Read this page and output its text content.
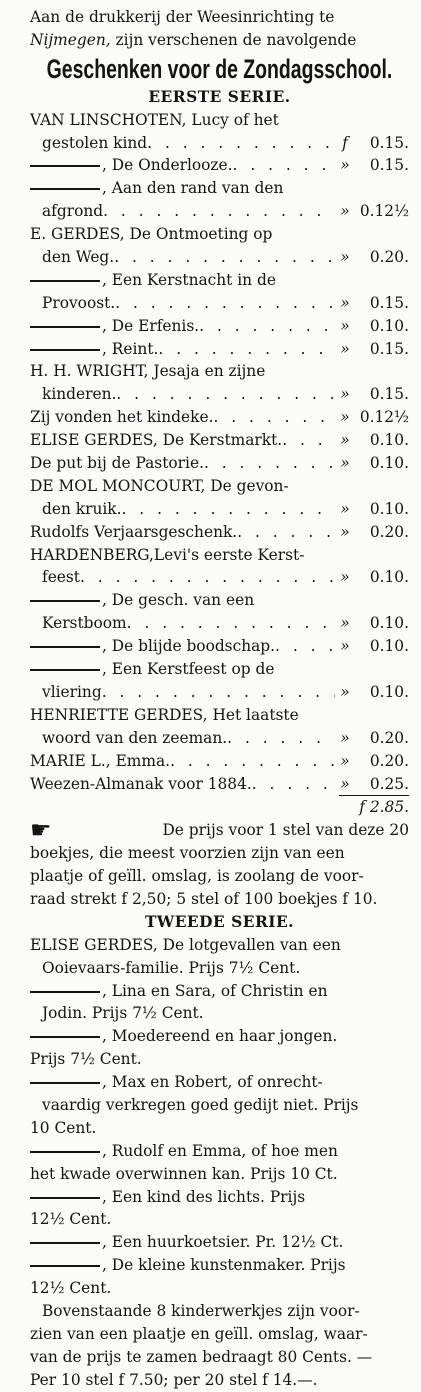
Aan de drukkerij der Weesinrichting te
Nijmegen, zijn verschenen de navolgende
Geschenken voor de Zondagsschool.
EERSTE SERIE.
VAN LINSCHOTEN, Lucy of het
gestolen kind . . .	f	0.15.
, De Onderlooze. . . .	»	0.15.
, Aan den rand van den
afgrond . . .	» 0.12½
E. GERDES, De Ontmoeting op
den Weg. . . .	»	0.20.
, Een Kerstnacht in de
Provoost. . . .	»	0.15.
, De Erfenis. . . .	»	0.10.
, Reint. . . .	»	0.15.
H. H. WRIGHT, Jesaja en zijne
kinderen. . . .	»	0.15.
Zij vonden het kindeke. . . .	» 0.12½
ELISE GERDES, De Kerstmarkt. . . .	»	0.10.
De put bij de Pastorie. . . .	»	0.10.
DE MOL MONCOURT, De gevon-
den kruik. . . .	»	0.10.
Rudolfs Verjaarsgeschenk. . . .	»	0.20.
HARDENBERG,Levi's eerste Kerst-
feest . . .	»	0.10.
, De gesch. van een
Kerstboom . . .	»	0.10.
, De blijde boodschap. . . .	»	0.10.
, Een Kerstfeest op de
vliering . . .	»	0.10.
HENRIETTE GERDES, Het laatste
woord van den zeeman. . . .	»	0.20.
MARIE L., Emma. . . .	»	0.20.
Weezen-Almanak voor 1884. . . .	»	0.25.
f 2.85.
☛	De prijs voor 1 stel van deze 20
boekjes, die meest voorzien zijn van een
plaatje of geïll. omslag, is zoolang de voor-
raad strekt f 2,50; 5 stel of 100 boekjes f 10.
TWEEDE SERIE.
ELISE GERDES, De lotgevallen van een
Ooievaars-familie. Prijs 7½ Cent.
, Lina en Sara, of Christin en
Jodin. Prijs 7½ Cent.
, Moedereend en haar jongen.
Prijs 7½ Cent.
, Max en Robert, of onrecht-
vaardig verkregen goed gedijt niet. Prijs
10 Cent.
, Rudolf en Emma, of hoe men
het kwade overwinnen kan. Prijs 10 Ct.
, Een kind des lichts. Prijs
12½ Cent.
, Een huurkoetsier. Pr. 12½ Ct.
, De kleine kunstenmaker. Prijs
12½ Cent.
Bovenstaande 8 kinderwerkjes zijn voor-
zien van een plaatje en geïll. omslag, waar-
van de prijs te zamen bedraagt 80 Cents. —
Per 10 stel f 7.50; per 20 stel f 14.—.
